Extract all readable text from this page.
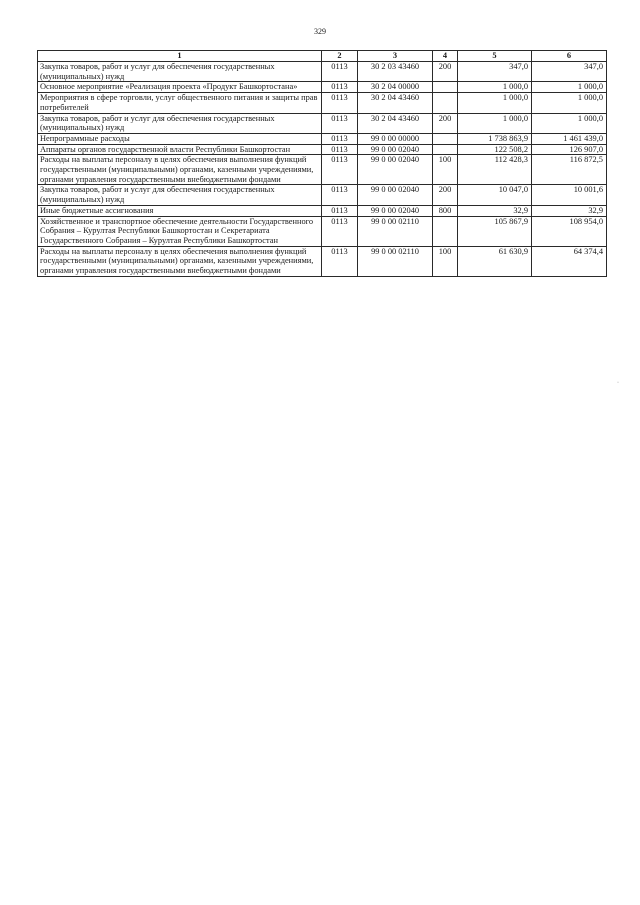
329
1	2	3	4	5	6
Закупка товаров, работ и услуг для обеспечения государственных (муниципальных) нужд	0113	30 2 03 43460	200	347,0	347,0
Основное мероприятие «Реализация проекта «Продукт Башкортостана»	0113	30 2 04 00000		1 000,0	1 000,0
Мероприятия в сфере торговли, услуг общественного питания и защиты прав потребителей	0113	30 2 04 43460		1 000,0	1 000,0
Закупка товаров, работ и услуг для обеспечения государственных (муниципальных) нужд	0113	30 2 04 43460	200	1 000,0	1 000,0
Непрограммные расходы	0113	99 0 00 00000		1 738 863,9	1 461 439,0
Аппараты органов государственной власти Республики Башкортостан	0113	99 0 00 02040		122 508,2	126 907,0
Расходы на выплаты персоналу в целях обеспечения выполнения функций государственными (муниципальными) органами, казенными учреждениями, органами управления государственными внебюджетными фондами	0113	99 0 00 02040	100	112 428,3	116 872,5
Закупка товаров, работ и услуг для обеспечения государственных (муниципальных) нужд	0113	99 0 00 02040	200	10 047,0	10 001,6
Иные бюджетные ассигнования	0113	99 0 00 02040	800	32,9	32,9
Хозяйственное и транспортное обеспечение деятельности Государственного Собрания – Курултая Республики Башкортостан и Секретариата Государственного Собрания – Курултая Республики Башкортостан	0113	99 0 00 02110		105 867,9	108 954,0
Расходы на выплаты персоналу в целях обеспечения выполнения функций государственными (муниципальными) органами, казенными учреждениями, органами управления государственными внебюджетными фондами	0113	99 0 00 02110	100	61 630,9	64 374,4
·
